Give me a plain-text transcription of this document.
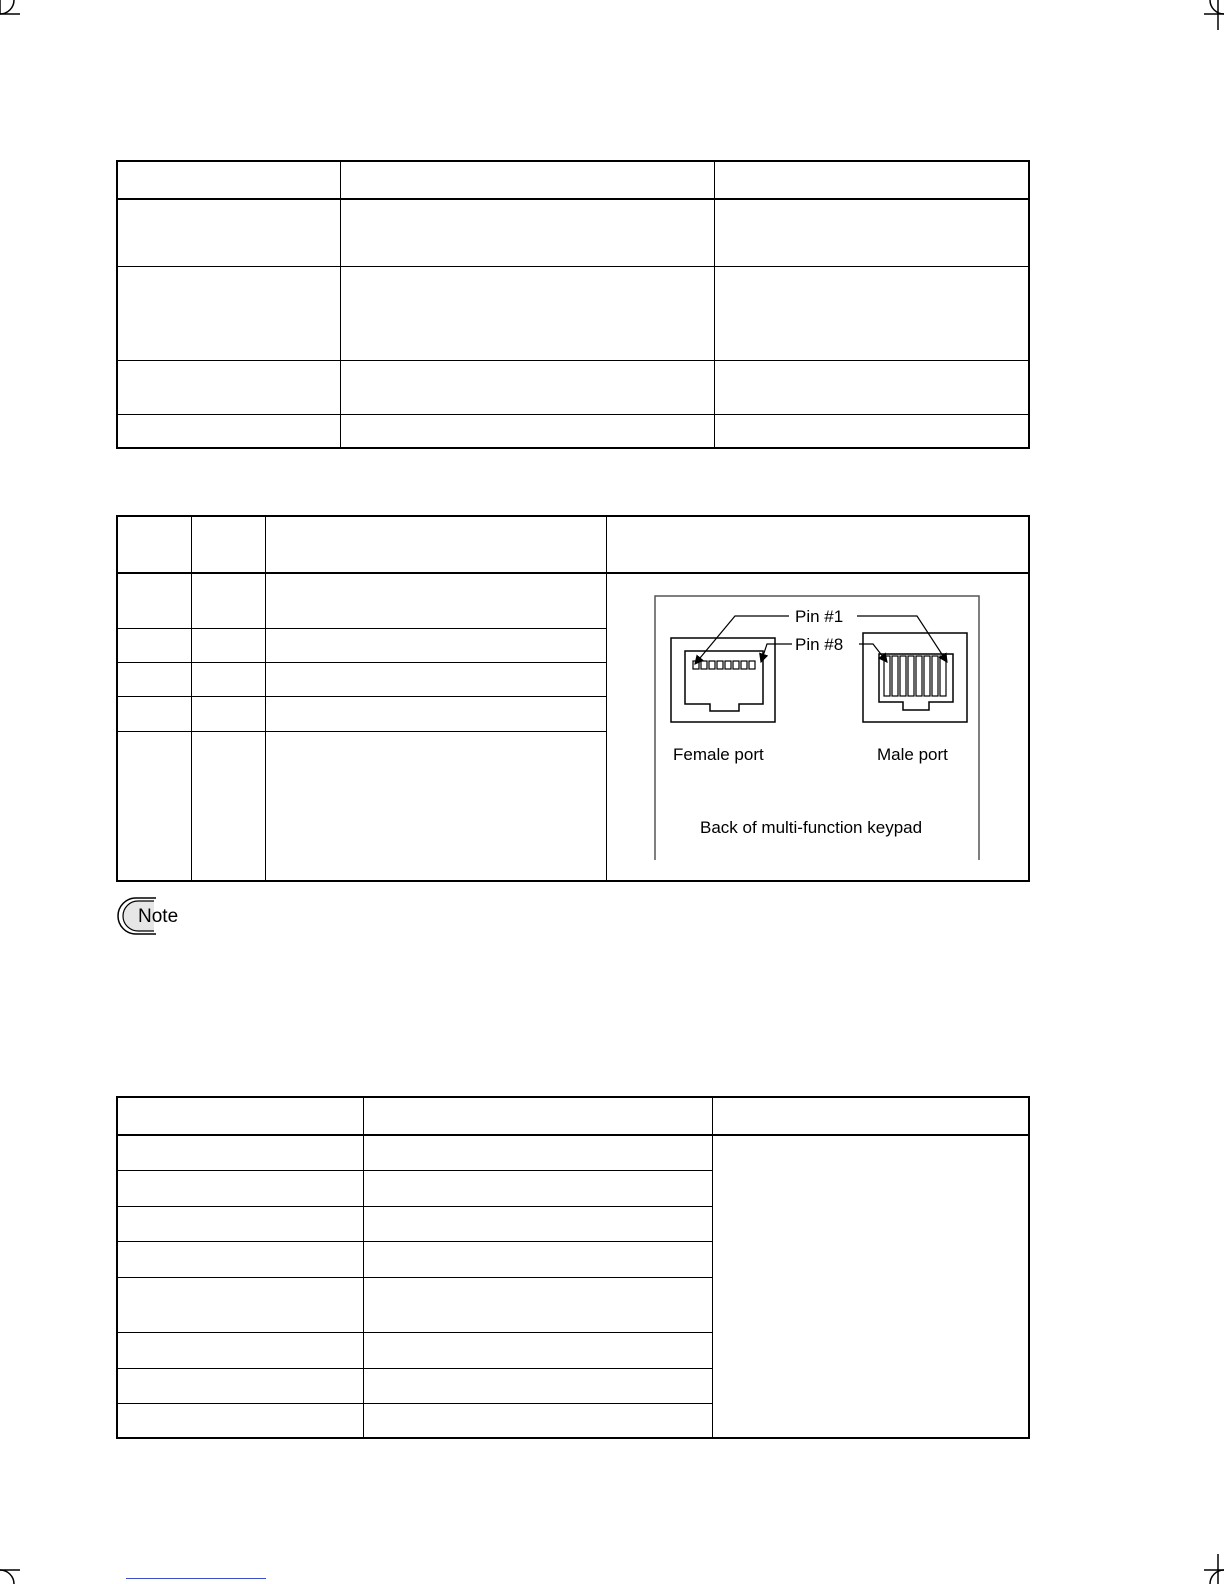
Pin #1
Pin #8
Female port Male port
Back of multi-function keypad

Note
